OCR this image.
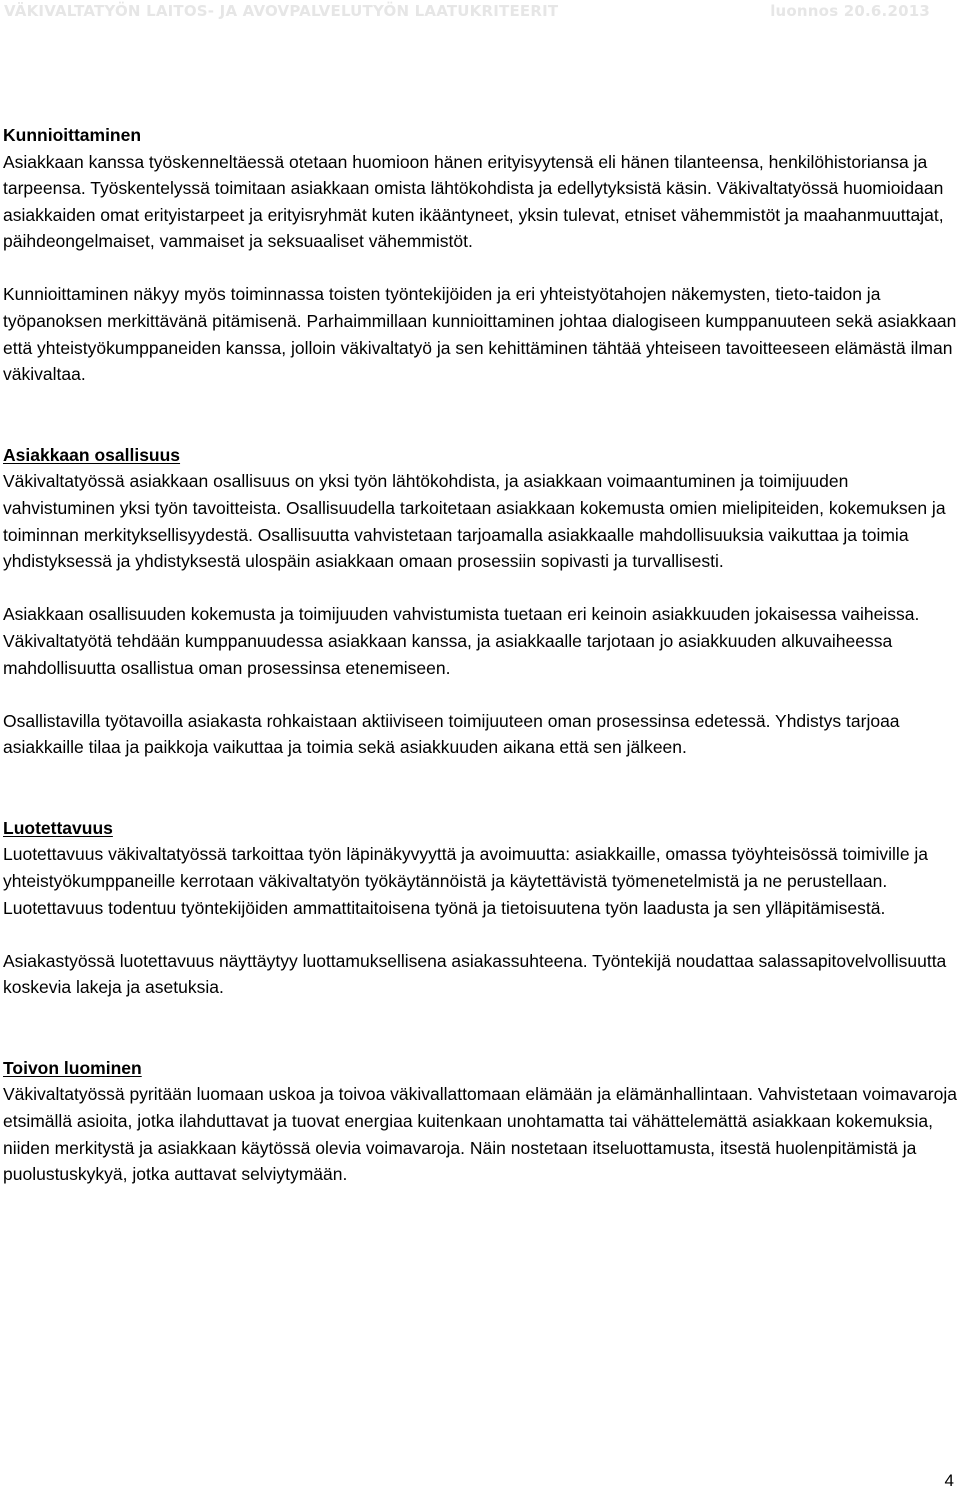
VÄKIVALTATYÖN LAITOS- JA AVOVPALVELUTYÖN LAATUKRITEERIT	luonnos 20.6.2013
Kunnioittaminen
Asiakkaan kanssa työskenneltäessä otetaan huomioon hänen erityisyytensä eli hänen tilanteensa, henkilöhistoriansa ja tarpeensa. Työskentelyssä toimitaan asiakkaan omista lähtökohdista ja edellytyksistä käsin. Väkivaltatyössä huomioidaan asiakkaiden omat erityistarpeet ja erityisryhmät kuten ikääntyneet, yksin tulevat, etniset vähemmistöt ja maahanmuuttajat, päihdeongelmaiset, vammaiset ja seksuaaliset vähemmistöt.
Kunnioittaminen näkyy myös toiminnassa toisten työntekijöiden ja eri yhteistyötahojen näkemysten, tieto-taidon ja työpanoksen merkittävänä pitämisenä. Parhaimmillaan kunnioittaminen johtaa dialogiseen kumppanuuteen sekä asiakkaan että yhteistyökumppaneiden kanssa, jolloin väkivaltatyö ja sen kehittäminen tähtää yhteiseen tavoitteeseen elämästä ilman väkivaltaa.
Asiakkaan osallisuus
Väkivaltatyössä asiakkaan osallisuus on yksi työn lähtökohdista, ja asiakkaan voimaantuminen ja toimijuuden vahvistuminen yksi työn tavoitteista. Osallisuudella tarkoitetaan asiakkaan kokemusta omien mielipiteiden, kokemuksen ja toiminnan merkityksellisyydestä. Osallisuutta vahvistetaan tarjoamalla asiakkaalle mahdollisuuksia vaikuttaa ja toimia yhdistyksessä ja yhdistyksestä ulospäin asiakkaan omaan prosessiin sopivasti ja turvallisesti.
Asiakkaan osallisuuden kokemusta ja toimijuuden vahvistumista tuetaan eri keinoin asiakkuuden jokaisessa vaiheissa. Väkivaltatyötä tehdään kumppanuudessa asiakkaan kanssa, ja asiakkaalle tarjotaan jo asiakkuuden alkuvaiheessa mahdollisuutta osallistua oman prosessinsa etenemiseen.
Osallistavilla työtavoilla asiakasta rohkaistaan aktiiviseen toimijuuteen oman prosessinsa edetessä. Yhdistys tarjoaa asiakkaille tilaa ja paikkoja vaikuttaa ja toimia sekä asiakkuuden aikana että sen jälkeen.
Luotettavuus
Luotettavuus väkivaltatyössä tarkoittaa työn läpinäkyvyyttä ja avoimuutta: asiakkaille, omassa työyhteisössä toimiville ja yhteistyökumppaneille kerrotaan väkivaltatyön työkäytännöistä ja käytettävistä työmenetelmistä ja ne perustellaan. Luotettavuus todentuu työntekijöiden ammattitaitoisena työnä ja tietoisuutena työn laadusta ja sen ylläpitämisestä.
Asiakastyössä luotettavuus näyttäytyy luottamuksellisena asiakassuhteena. Työntekijä noudattaa salassapitovelvollisuutta koskevia lakeja ja asetuksia.
Toivon luominen
Väkivaltatyössä pyritään luomaan uskoa ja toivoa väkivallattomaan elämään ja elämänhallintaan. Vahvistetaan voimavaroja etsimällä asioita, jotka ilahduttavat ja tuovat energiaa kuitenkaan unohtamatta tai vähättelemättä asiakkaan kokemuksia, niiden merkitystä ja asiakkaan käytössä olevia voimavaroja. Näin nostetaan itseluottamusta, itsestä huolenpitämistä ja puolustuskykyä, jotka auttavat selviytymään.
4
